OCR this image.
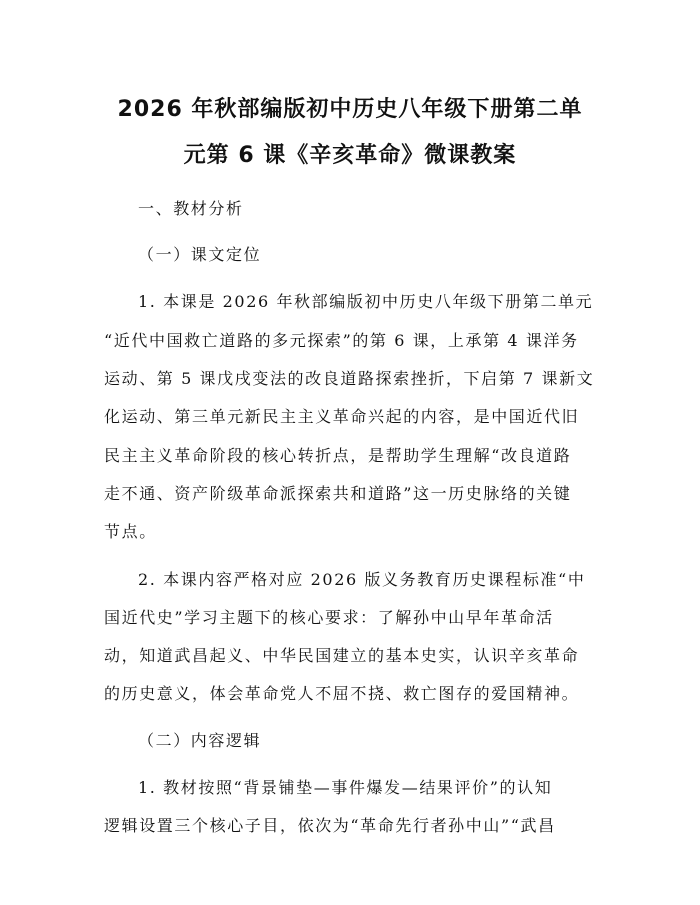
2026 年秋部编版初中历史八年级下册第二单
元第 6 课《辛亥革命》微课教案
一、教材分析
（一）课文定位
1. 本课是 2026 年秋部编版初中历史八年级下册第二单元
“近代中国救亡道路的多元探索”的第 6 课，上承第 4 课洋务
运动、第 5 课戊戌变法的改良道路探索挫折，下启第 7 课新文
化运动、第三单元新民主主义革命兴起的内容，是中国近代旧
民主主义革命阶段的核心转折点，是帮助学生理解“改良道路
走不通、资产阶级革命派探索共和道路”这一历史脉络的关键
节点。
2. 本课内容严格对应 2026 版义务教育历史课程标准“中
国近代史”学习主题下的核心要求：了解孙中山早年革命活
动，知道武昌起义、中华民国建立的基本史实，认识辛亥革命
的历史意义，体会革命党人不屈不挠、救亡图存的爱国精神。
（二）内容逻辑
1. 教材按照“背景铺垫—事件爆发—结果评价”的认知
逻辑设置三个核心子目，依次为“革命先行者孙中山”“武昌
